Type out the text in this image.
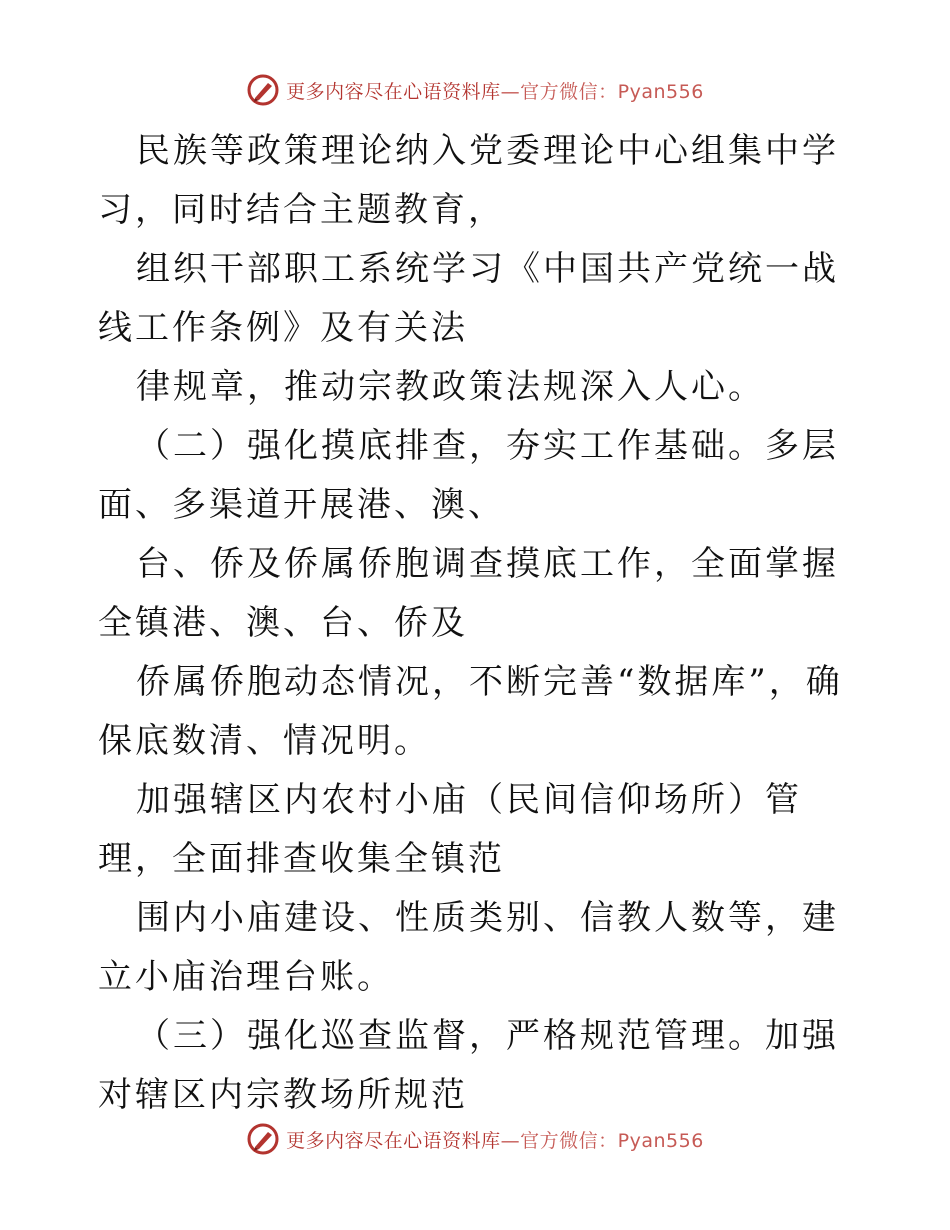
更多内容尽在心语资料库—官方微信：Pyan556

民族等政策理论纳入党委理论中心组集中学习，同时结合主题教育，

组织干部职工系统学习《中国共产党统一战线工作条例》及有关法

律规章，推动宗教政策法规深入人心。

（二）强化摸底排查，夯实工作基础。多层面、多渠道开展港、澳、

台、侨及侨属侨胞调查摸底工作，全面掌握全镇港、澳、台、侨及

侨属侨胞动态情况，不断完善“数据库”，确保底数清、情况明。

加强辖区内农村小庙（民间信仰场所）管理，全面排查收集全镇范

围内小庙建设、性质类别、信教人数等，建立小庙治理台账。

（三）强化巡查监督，严格规范管理。加强对辖区内宗教场所规范

更多内容尽在心语资料库—官方微信：Pyan556
